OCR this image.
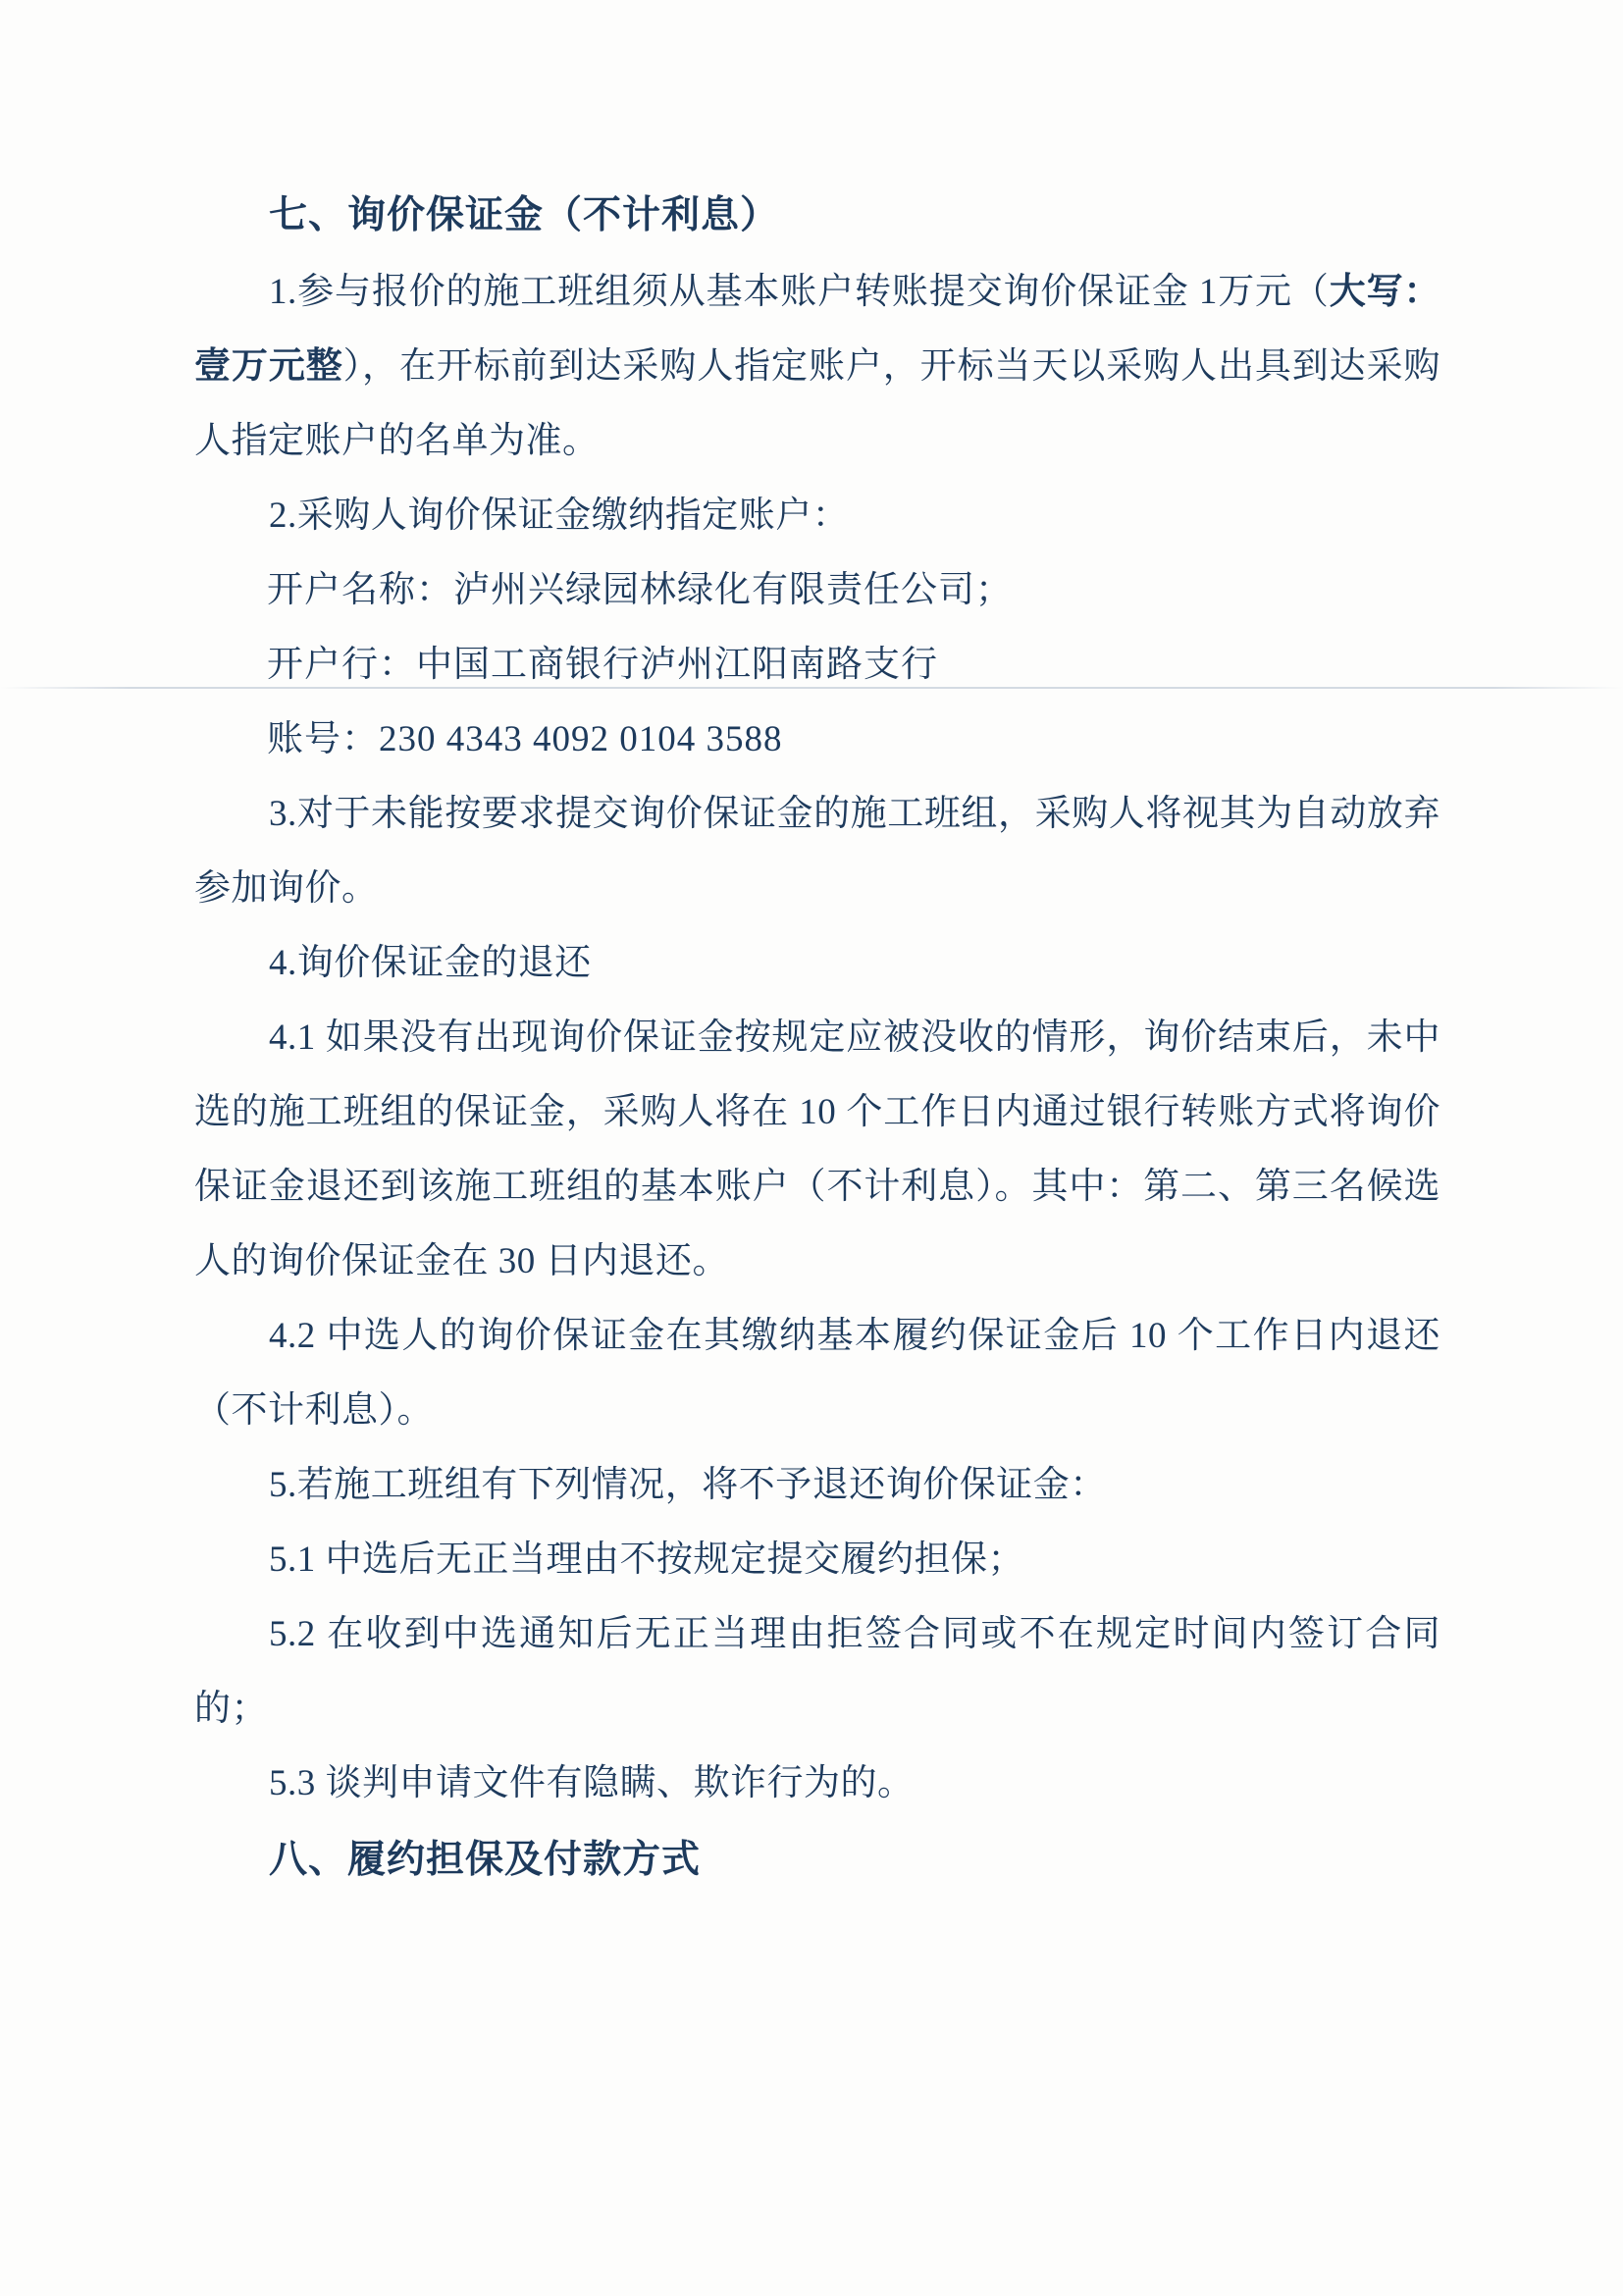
七、询价保证金（不计利息）

1.参与报价的施工班组须从基本账户转账提交询价保证金 1万元（大写：壹万元整），在开标前到达采购人指定账户，开标当天以采购人出具到达采购人指定账户的名单为准。

2.采购人询价保证金缴纳指定账户：

开户名称：泸州兴绿园林绿化有限责任公司；

开户行：中国工商银行泸州江阳南路支行

账号：230 4343 4092 0104 3588

3.对于未能按要求提交询价保证金的施工班组，采购人将视其为自动放弃参加询价。

4.询价保证金的退还

4.1 如果没有出现询价保证金按规定应被没收的情形，询价结束后，未中选的施工班组的保证金，采购人将在 10 个工作日内通过银行转账方式将询价保证金退还到该施工班组的基本账户（不计利息）。其中：第二、第三名候选人的询价保证金在 30 日内退还。

4.2 中选人的询价保证金在其缴纳基本履约保证金后 10 个工作日内退还（不计利息）。

5.若施工班组有下列情况，将不予退还询价保证金：

5.1 中选后无正当理由不按规定提交履约担保；

5.2 在收到中选通知后无正当理由拒签合同或不在规定时间内签订合同的；

5.3 谈判申请文件有隐瞒、欺诈行为的。

八、履约担保及付款方式
